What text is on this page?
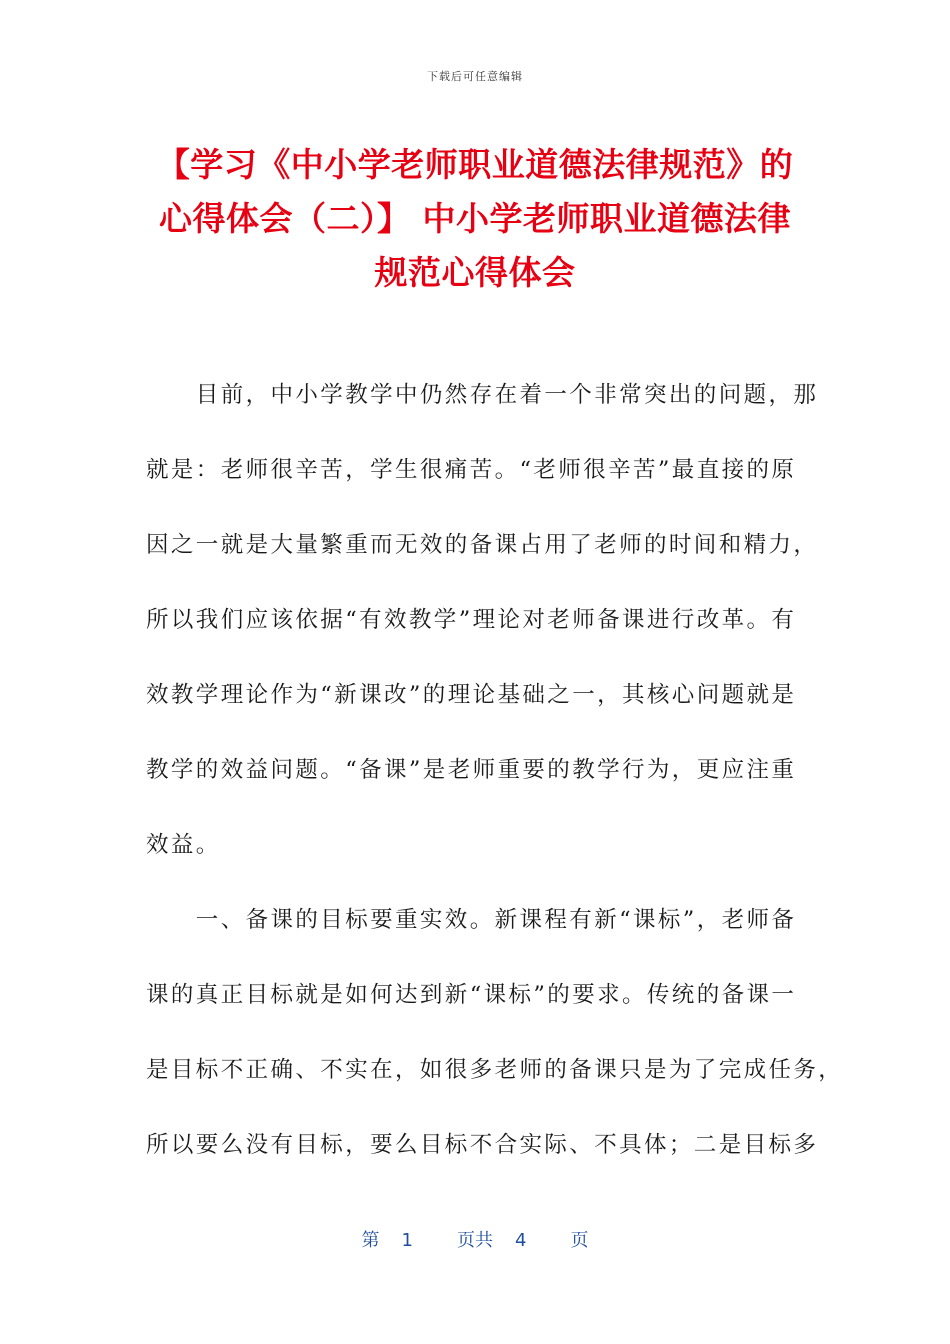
下载后可任意编辑
【学习《中小学老师职业道德法律规范》的
心得体会（二）】 中小学老师职业道德法律
规范心得体会
　　目前，中小学教学中仍然存在着一个非常突出的问题，那
就是：老师很辛苦，学生很痛苦。“老师很辛苦”最直接的原
因之一就是大量繁重而无效的备课占用了老师的时间和精力，
所以我们应该依据“有效教学”理论对老师备课进行改革。有
效教学理论作为“新课改”的理论基础之一，其核心问题就是
教学的效益问题。“备课”是老师重要的教学行为，更应注重
效益。
　　一、备课的目标要重实效。新课程有新“课标”，老师备
课的真正目标就是如何达到新“课标”的要求。传统的备课一
是目标不正确、不实在，如很多老师的备课只是为了完成任务，
所以要么没有目标，要么目标不合实际、不具体；二是目标多
第 1 页共 4 页
